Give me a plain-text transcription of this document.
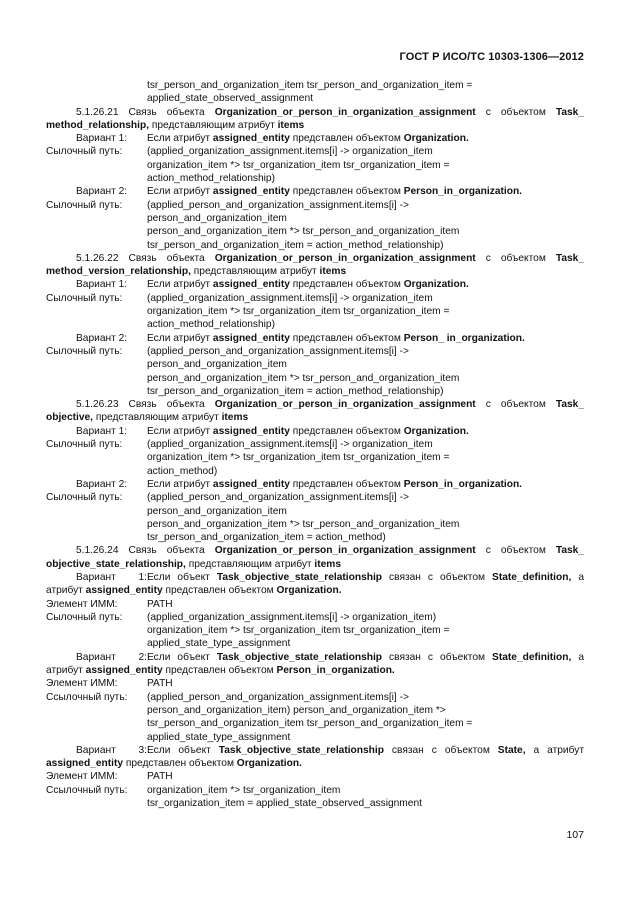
ГОСТ Р ИСО/ТС 10303-1306—2012
tsr_person_and_organization_item tsr_person_and_organization_item =
applied_state_observed_assignment
5.1.26.21 Связь объекта Organization_or_person_in_organization_assignment с объектом Task_
method_relationship, представляющим атрибут items
Вариант 1: Если атрибут assigned_entity представлен объектом Organization.
Сылочный путь: (applied_organization_assignment.items[i] -> organization_item
organization_item *> tsr_organization_item tsr_organization_item =
action_method_relationship)
Вариант 2: Если атрибут assigned_entity представлен объектом Person_in_organization.
Сылочный путь: (applied_person_and_organization_assignment.items[i] ->
person_and_organization_item
person_and_organization_item *> tsr_person_and_organization_item
tsr_person_and_organization_item = action_method_relationship)
5.1.26.22 Связь объекта Organization_or_person_in_organization_assignment с объектом Task_
method_version_relationship, представляющим атрибут items
Вариант 1: Если атрибут assigned_entity представлен объектом Organization.
Сылочный путь: (applied_organization_assignment.items[i] -> organization_item
organization_item *> tsr_organization_item tsr_organization_item =
action_method_relationship)
Вариант 2: Если атрибут assigned_entity представлен объектом Person_ in_organization.
Сылочный путь: (applied_person_and_organization_assignment.items[i] ->
person_and_organization_item
person_and_organization_item *> tsr_person_and_organization_item
tsr_person_and_organization_item = action_method_relationship)
5.1.26.23 Связь объекта Organization_or_person_in_organization_assignment с объектом Task_
objective, представляющим атрибут items
Вариант 1: Если атрибут assigned_entity представлен объектом Organization.
Сылочный путь: (applied_organization_assignment.items[i] -> organization_item
organization_item *> tsr_organization_item tsr_organization_item =
action_method)
Вариант 2: Если атрибут assigned_entity представлен объектом Person_in_organization.
Сылочный путь: (applied_person_and_organization_assignment.items[i] ->
person_and_organization_item
person_and_organization_item *> tsr_person_and_organization_item
tsr_person_and_organization_item = action_method)
5.1.26.24 Связь объекта Organization_or_person_in_organization_assignment с объектом Task_
objective_state_relationship, представляющим атрибут items
Вариант 1:Если объект Task_objective_state_relationship связан с объектом State_definition, а
атрибут assigned_entity представлен объектом Organization.
Элемент ИММ:	PATH
Сылочный путь: (applied_organization_assignment.items[i] -> organization_item)
organization_item *> tsr_organization_item tsr_organization_item =
applied_state_type_assignment
Вариант 2:Если объект Task_objective_state_relationship связан с объектом State_definition, а
атрибут assigned_entity представлен объектом Person_in_organization.
Элемент ИММ:	PATH
Ссылочный путь: (applied_person_and_organization_assignment.items[i] ->
person_and_organization_item) person_and_organization_item *>
tsr_person_and_organization_item tsr_person_and_organization_item =
applied_state_type_assignment
Вариант 3:Если объект Task_objective_state_relationship связан с объектом State, а атрибут
assigned_entity представлен объектом Organization.
Элемент ИММ:	PATH
Ссылочный путь: organization_item *> tsr_organization_item
tsr_organization_item = applied_state_observed_assignment
107
